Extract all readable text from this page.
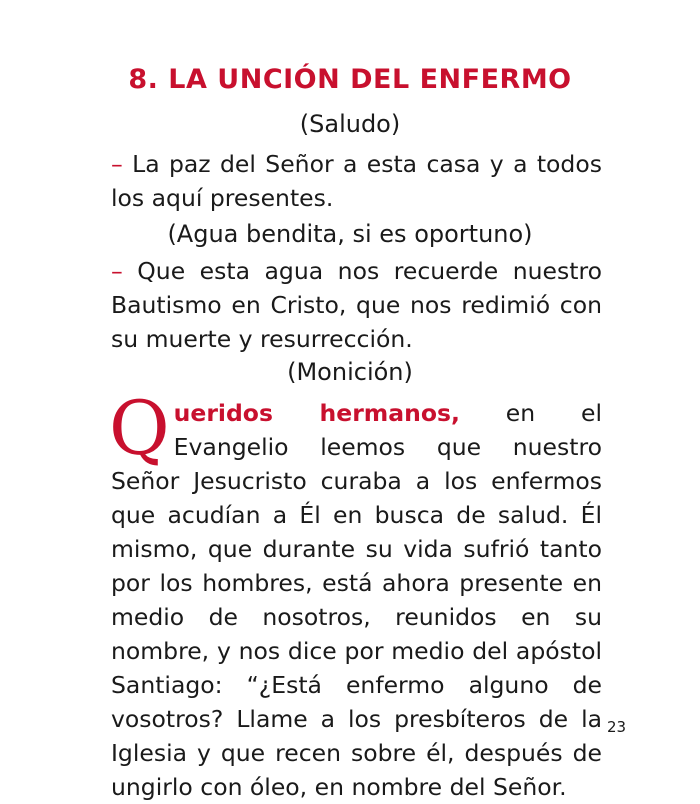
8. LA UNCIÓN DEL ENFERMO
(Saludo)
– La paz del Señor a esta casa y a todos los aquí presentes.
(Agua bendita, si es oportuno)
– Que esta agua nos recuerde nuestro Bautismo en Cristo, que nos redimió con su muerte y resurrección.
(Monición)
Queridos hermanos, en el Evangelio leemos que nuestro Señor Jesucristo curaba a los enfermos que acudían a Él en busca de salud. Él mismo, que durante su vida sufrió tanto por los hombres, está ahora presente en medio de nosotros, reunidos en su nombre, y nos dice por medio del apóstol Santiago: “¿Está enfermo alguno de vosotros? Llame a los presbíteros de la Iglesia y que recen sobre él, después de ungirlo con óleo, en nombre del Señor.
23
